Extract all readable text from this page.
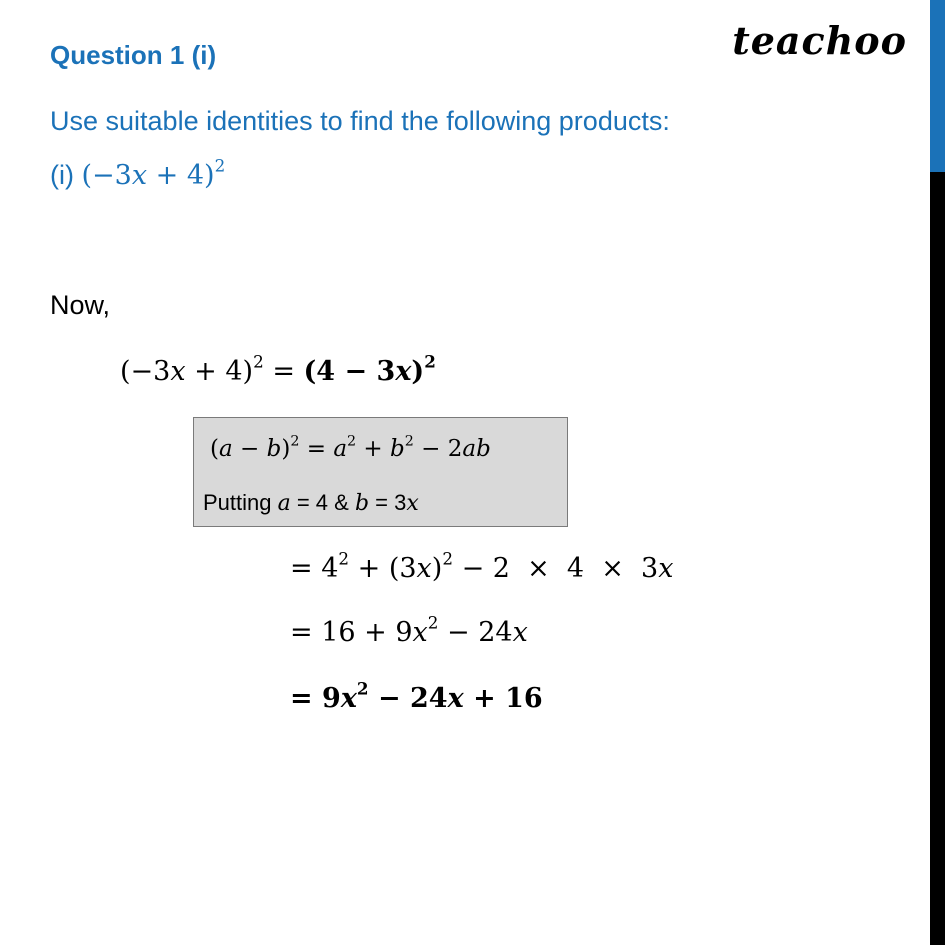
Question 1 (i)	teachoo
Use suitable identities to find the following products:
(i) $(-3x + 4)^2$
Now,
$(-3x + 4)^2 = (4 - 3x)^2$
$(a - b)^2 = a^2 + b^2 - 2ab$
Putting a = 4 & b = 3x
= $4^2 + (3x)^2 - 2 \times 4 \times 3x$
= $16 + 9x^2 - 24x$
= $9x^2 - 24x + 16$
